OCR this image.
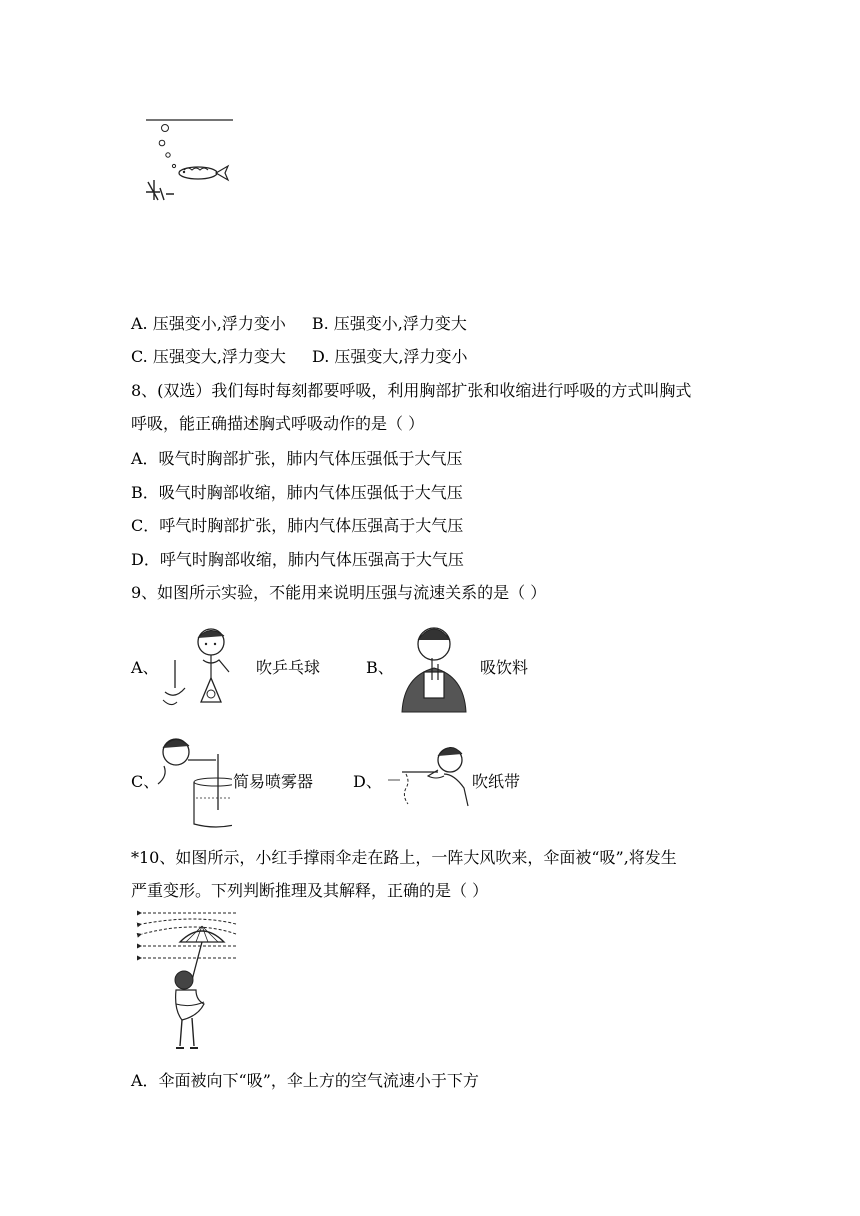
A. 压强变小,浮力变小 B. 压强变小,浮力变大
C. 压强变大,浮力变大 D. 压强变大,浮力变小
8、(双选）我们每时每刻都要呼吸，利用胸部扩张和收缩进行呼吸的方式叫胸式
呼吸，能正确描述胸式呼吸动作的是（ ）
A．吸气时胸部扩张，肺内气体压强低于大气压
B．吸气时胸部收缩，肺内气体压强低于大气压
C．呼气时胸部扩张，肺内气体压强高于大气压
D．呼气时胸部收缩，肺内气体压强高于大气压
9、如图所示实验，不能用来说明压强与流速关系的是（ ）
A、	吹乒乓球	B、	吸饮料
C、	简易喷雾器 D、	吹纸带
*10、如图所示，小红手撑雨伞走在路上，一阵大风吹来，伞面被“吸”,将发生
严重变形。下列判断推理及其解释，正确的是（ ）
A．伞面被向下“吸”，伞上方的空气流速小于下方
